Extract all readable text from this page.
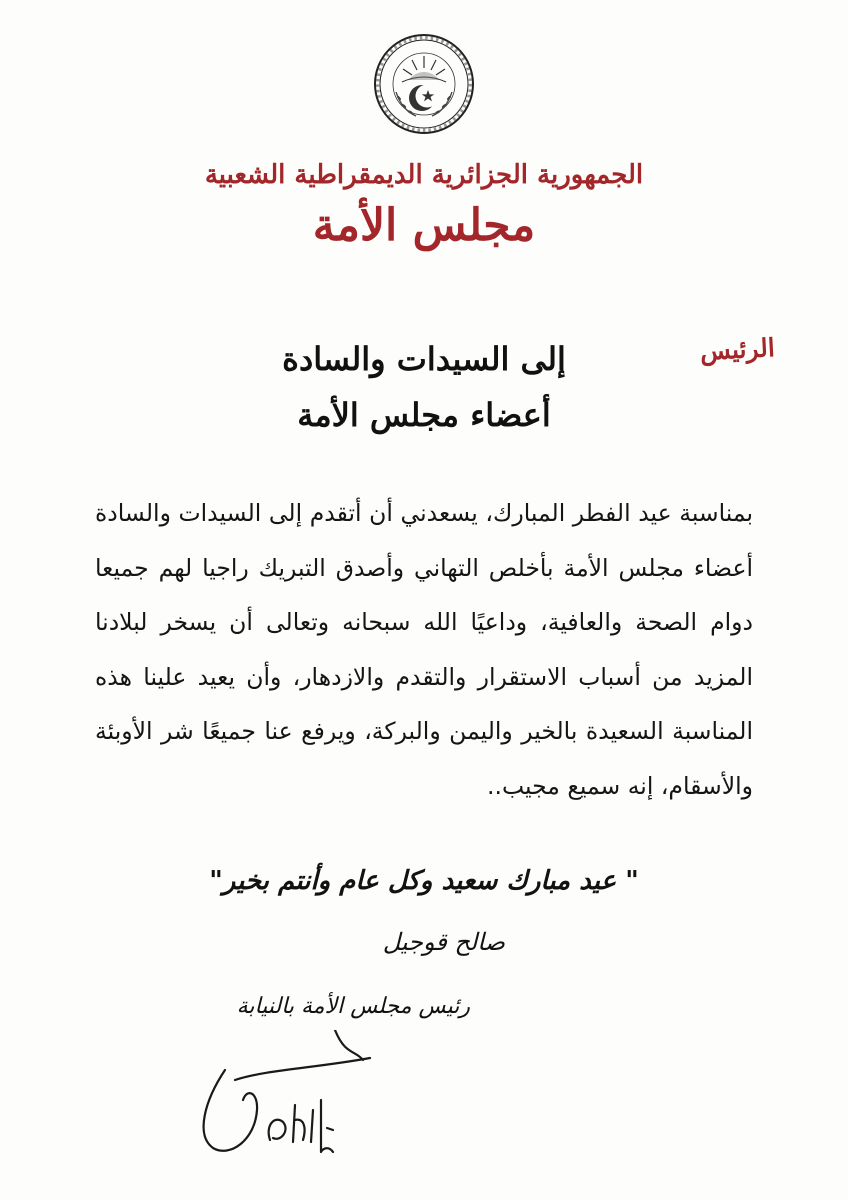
الجمهورية الجزائرية الديمقراطية الشعبية
مجلس الأمة
الرئيس
إلى السيدات والسادة
أعضاء مجلس الأمة
بمناسبة عيد الفطر المبارك، يسعدني أن أتقدم إلى السيدات والسادة أعضاء مجلس الأمة بأخلص التهاني وأصدق التبريك راجيا لهم جميعا دوام الصحة والعافية، وداعيًا الله سبحانه وتعالى أن يسخر لبلادنا المزيد من أسباب الاستقرار والتقدم والازدهار، وأن يعيد علينا هذه المناسبة السعيدة بالخير واليمن والبركة، ويرفع عنا جميعًا شر الأوبئة والأسقام، إنه سميع مجيب..
" عيد مبارك سعيد وكل عام وأنتم بخير"
صالح قوجيل
رئيس مجلس الأمة بالنيابة
